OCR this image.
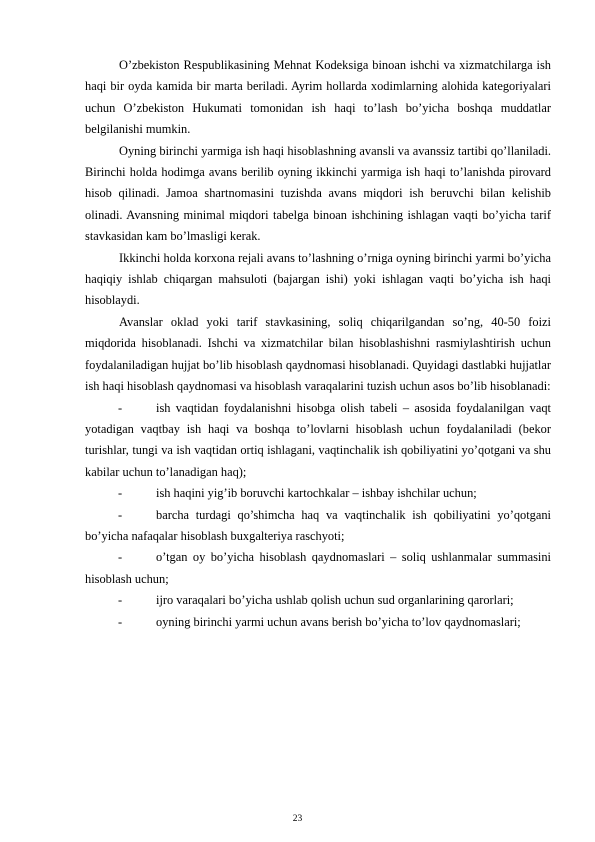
O’zbekiston Respublikasining Mehnat Kodeksiga binoan ishchi va xizmatchilarga ish haqi bir oyda kamida bir marta beriladi. Ayrim hollarda xodimlarning alohida kategoriyalari uchun O’zbekiston Hukumati tomonidan ish haqi to’lash bo’yicha boshqa muddatlar belgilanishi mumkin.

Oyning birinchi yarmiga ish haqi hisoblashning avansli va avanssiz tartibi qo’llaniladi. Birinchi holda hodimga avans berilib oyning ikkinchi yarmiga ish haqi to’lanishda pirovard hisob qilinadi. Jamoa shartnomasini tuzishda avans miqdori ish beruvchi bilan kelishib olinadi. Avansning minimal miqdori tabelga binoan ishchining ishlagan vaqti bo’yicha tarif stavkasidan kam bo’lmasligi kerak.

Ikkinchi holda korxona rejali avans to’lashning o’rniga oyning birinchi yarmi bo’yicha haqiqiy ishlab chiqargan mahsuloti (bajargan ishi) yoki ishlagan vaqti bo’yicha ish haqi hisoblaydi.

Avanslar oklad yoki tarif stavkasining, soliq chiqarilgandan so’ng, 40-50 foizi miqdorida hisoblanadi. Ishchi va xizmatchilar bilan hisoblashishni rasmiylashtirish uchun foydalaniladigan hujjat bo’lib hisoblash qaydnomasi hisoblanadi. Quyidagi dastlabki hujjatlar ish haqi hisoblash qaydnomasi va hisoblash varaqalarini tuzish uchun asos bo’lib hisoblanadi:

-	ish vaqtidan foydalanishni hisobga olish tabeli – asosida foydalanilgan vaqt yotadigan vaqtbay ish haqi va boshqa to’lovlarni hisoblash uchun foydalaniladi (bekor turishlar, tungi va ish vaqtidan ortiq ishlagani, vaqtinchalik ish qobiliyatini yo’qotgani va shu kabilar uchun to’lanadigan haq);

-	ish haqini yig’ib boruvchi kartochkalar – ishbay ishchilar uchun;

-	barcha turdagi qo’shimcha haq va vaqtinchalik ish qobiliyatini yo’qotgani bo’yicha nafaqalar hisoblash buxgalteriya raschyoti;

-	o’tgan oy bo’yicha hisoblash qaydnomaslari – soliq ushlanmalar summasini hisoblash uchun;

-	ijro varaqalari bo’yicha ushlab qolish uchun sud organlarining qarorlari;

-	oyning birinchi yarmi uchun avans berish bo’yicha to’lov qaydnomaslari;

23
